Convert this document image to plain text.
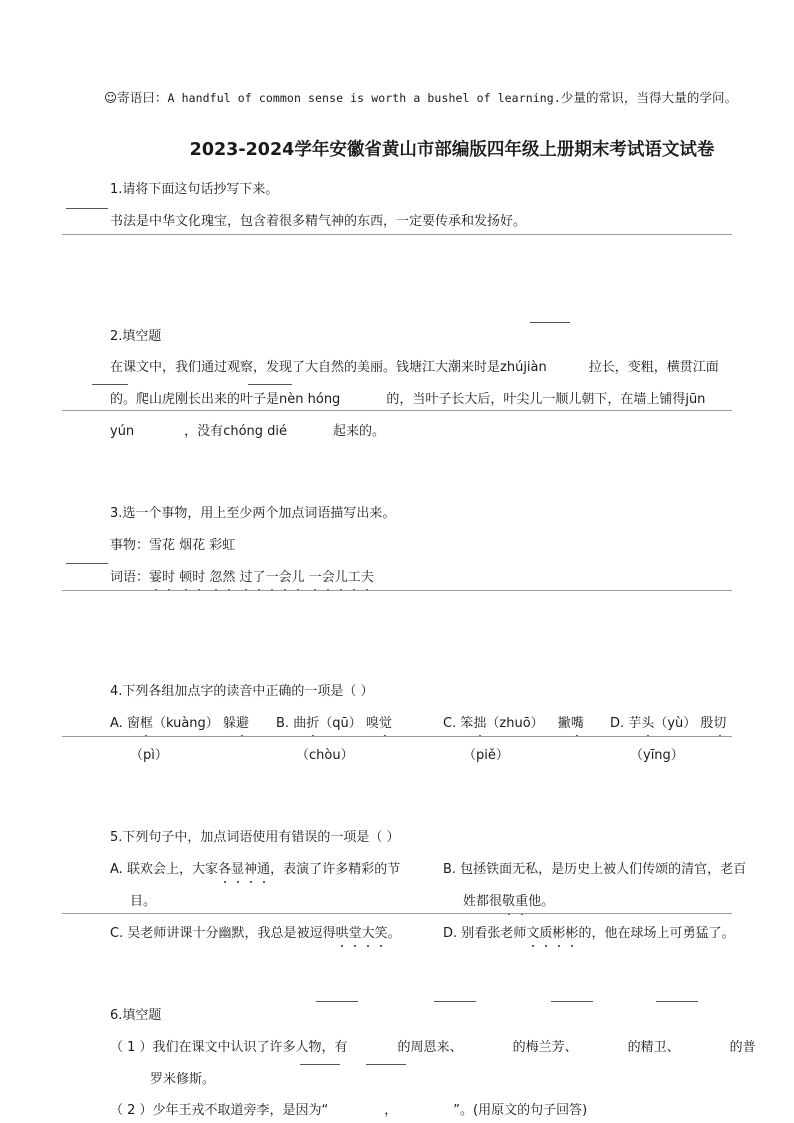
☺寄语曰：A handful of common sense is worth a bushel of learning.少量的常识，当得大量的学问。
2023-2024学年安徽省黄山市部编版四年级上册期末考试语文试卷
1.请将下面这句话抄写下来。
书法是中华文化瑰宝，包含着很多精气神的东西，一定要传承和发扬好。
2.填空题
在课文中，我们通过观察，发现了大自然的美丽。钱塘江大潮来时是zhújiàn	拉长，变粗，横贯江面
的。爬山虎刚长出来的叶子是nèn hóng	的，当叶子长大后，叶尖儿一顺儿朝下，在墙上铺得jūn
yún	，没有chóng dié	起来的。
3.选一个事物，用上至少两个加点词语描写出来。
事物：雪花 烟花 彩虹
词语：霎时 顿时 忽然 过了一会儿 一会儿工夫
4.下列各组加点字的读音中正确的一项是（ ）
A. 窗框（kuàng） 躲避 B. 曲折（qū） 嗅觉	C. 笨拙（zhuō） 撇嘴 D. 芋头（yù） 殷切
（pì）	（chòu）	（piě）	（yīng）
5.下列句子中，加点词语使用有错误的一项是（ ）
A. 联欢会上，大家各显神通，表演了许多精彩的节
目。
B. 包拯铁面无私，是历史上被人们传颂的清官，老百
姓都很敬重他。
C. 吴老师讲课十分幽默，我总是被逗得哄堂大笑。	D. 别看张老师文质彬彬的，他在球场上可勇猛了。
6.填空题
（ 1 ）我们在课文中认识了许多人物，有	的周恩来、	的梅兰芳、	的精卫、	的普
罗米修斯。
（ 2 ）少年王戎不取道旁李，是因为“	，	”。(用原文的句子回答)
